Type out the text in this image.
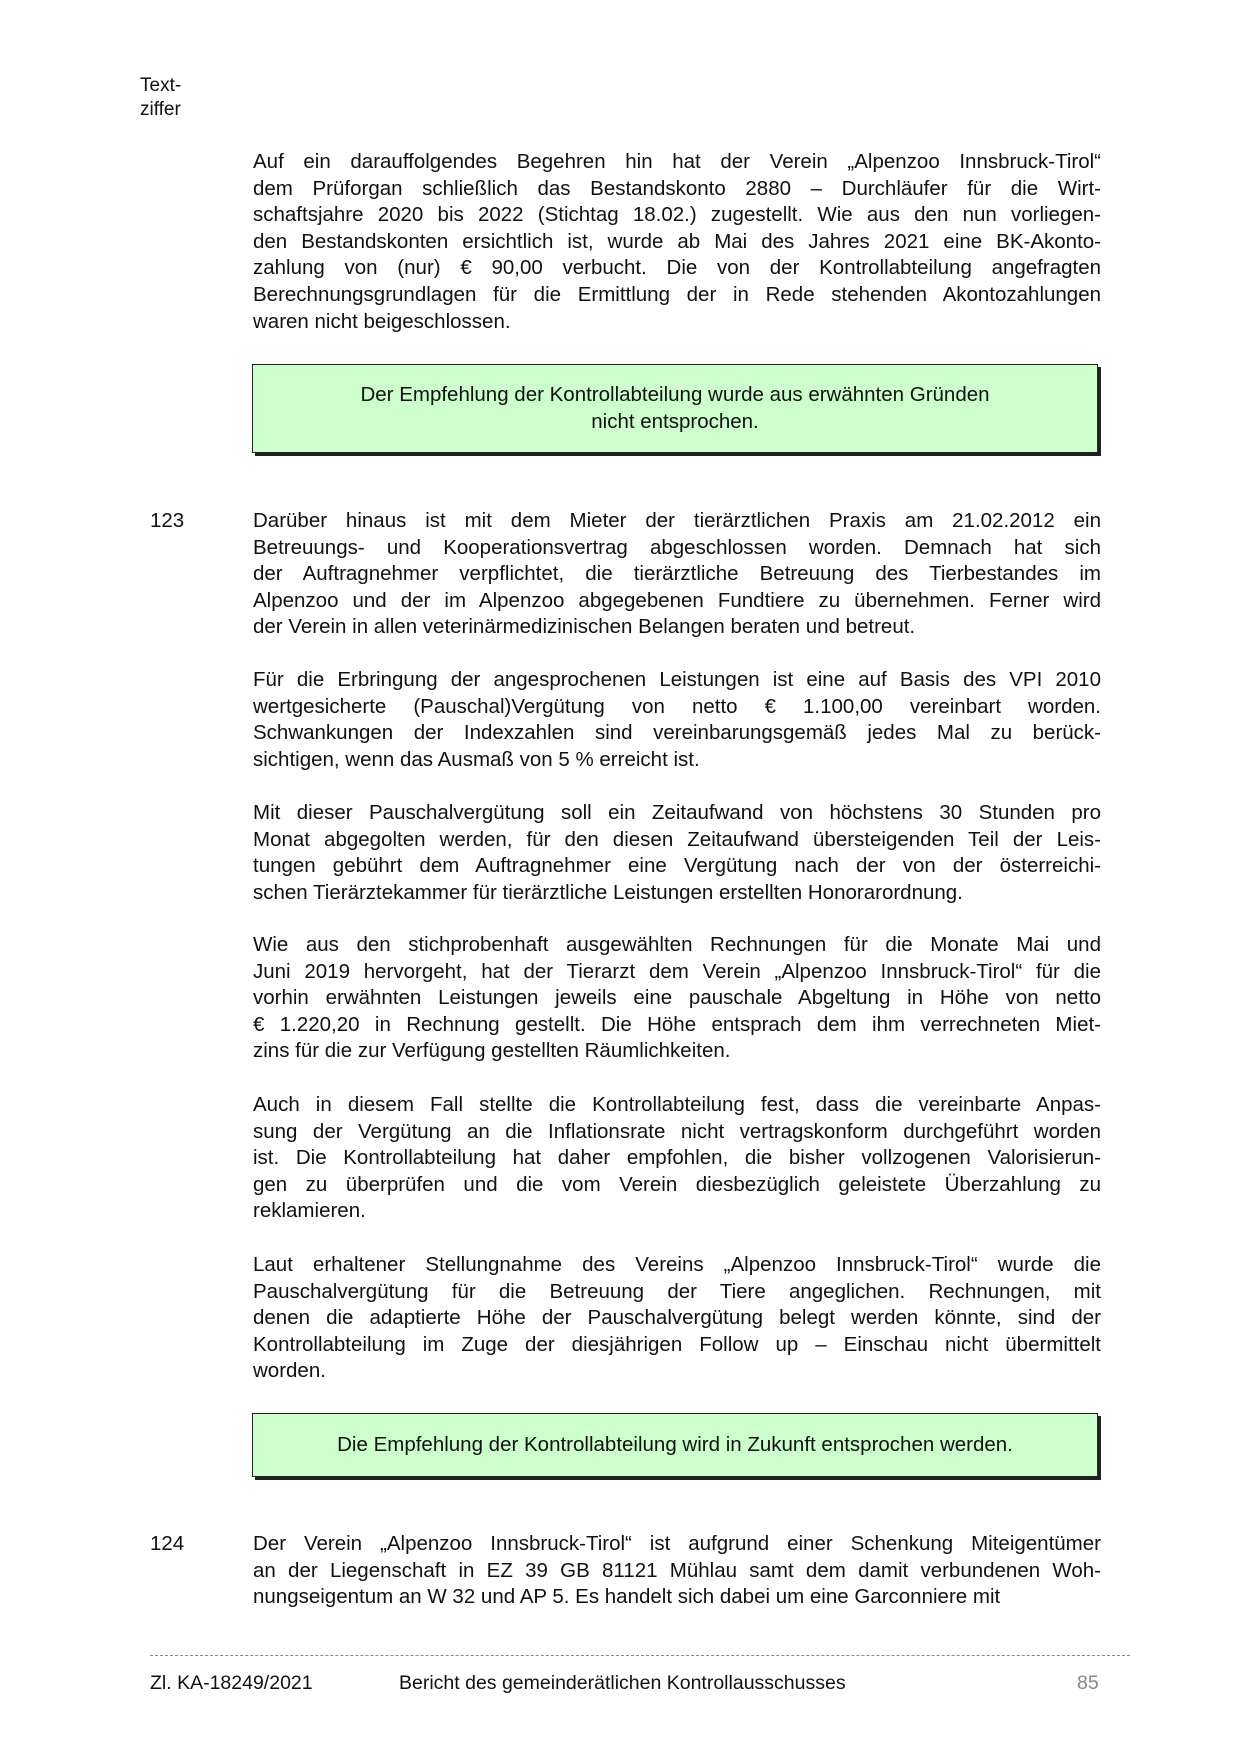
Text-
ziffer
123
124
Auf ein darauffolgendes Begehren hin hat der Verein „Alpenzoo Innsbruck-Tirol“
dem Prüforgan schließlich das Bestandskonto 2880 – Durchläufer für die Wirt-
schaftsjahre 2020 bis 2022 (Stichtag 18.02.) zugestellt. Wie aus den nun vorliegen-
den Bestandskonten ersichtlich ist, wurde ab Mai des Jahres 2021 eine BK-Akonto-
zahlung von (nur) € 90,00 verbucht. Die von der Kontrollabteilung angefragten
Berechnungsgrundlagen für die Ermittlung der in Rede stehenden Akontozahlungen
waren nicht beigeschlossen.
Der Empfehlung der Kontrollabteilung wurde aus erwähnten Gründen
nicht entsprochen.
Darüber hinaus ist mit dem Mieter der tierärztlichen Praxis am 21.02.2012 ein
Betreuungs- und Kooperationsvertrag abgeschlossen worden. Demnach hat sich
der Auftragnehmer verpflichtet, die tierärztliche Betreuung des Tierbestandes im
Alpenzoo und der im Alpenzoo abgegebenen Fundtiere zu übernehmen. Ferner wird
der Verein in allen veterinärmedizinischen Belangen beraten und betreut.
Für die Erbringung der angesprochenen Leistungen ist eine auf Basis des VPI 2010
wertgesicherte (Pauschal)Vergütung von netto € 1.100,00 vereinbart worden.
Schwankungen der Indexzahlen sind vereinbarungsgemäß jedes Mal zu berück-
sichtigen, wenn das Ausmaß von 5 % erreicht ist.
Mit dieser Pauschalvergütung soll ein Zeitaufwand von höchstens 30 Stunden pro
Monat abgegolten werden, für den diesen Zeitaufwand übersteigenden Teil der Leis-
tungen gebührt dem Auftragnehmer eine Vergütung nach der von der österreichi-
schen Tierärztekammer für tierärztliche Leistungen erstellten Honorarordnung.
Wie aus den stichprobenhaft ausgewählten Rechnungen für die Monate Mai und
Juni 2019 hervorgeht, hat der Tierarzt dem Verein „Alpenzoo Innsbruck-Tirol“ für die
vorhin erwähnten Leistungen jeweils eine pauschale Abgeltung in Höhe von netto
€ 1.220,20 in Rechnung gestellt. Die Höhe entsprach dem ihm verrechneten Miet-
zins für die zur Verfügung gestellten Räumlichkeiten.
Auch in diesem Fall stellte die Kontrollabteilung fest, dass die vereinbarte Anpas-
sung der Vergütung an die Inflationsrate nicht vertragskonform durchgeführt worden
ist. Die Kontrollabteilung hat daher empfohlen, die bisher vollzogenen Valorisierun-
gen zu überprüfen und die vom Verein diesbezüglich geleistete Überzahlung zu
reklamieren.
Laut erhaltener Stellungnahme des Vereins „Alpenzoo Innsbruck-Tirol“ wurde die
Pauschalvergütung für die Betreuung der Tiere angeglichen. Rechnungen, mit
denen die adaptierte Höhe der Pauschalvergütung belegt werden könnte, sind der
Kontrollabteilung im Zuge der diesjährigen Follow up – Einschau nicht übermittelt
worden.
Die Empfehlung der Kontrollabteilung wird in Zukunft entsprochen werden.
Der Verein „Alpenzoo Innsbruck-Tirol“ ist aufgrund einer Schenkung Miteigentümer
an der Liegenschaft in EZ 39 GB 81121 Mühlau samt dem damit verbundenen Woh-
nungseigentum an W 32 und AP 5. Es handelt sich dabei um eine Garconniere mit
Zl. KA-18249/2021	Bericht des gemeinderätlichen Kontrollausschusses	85
